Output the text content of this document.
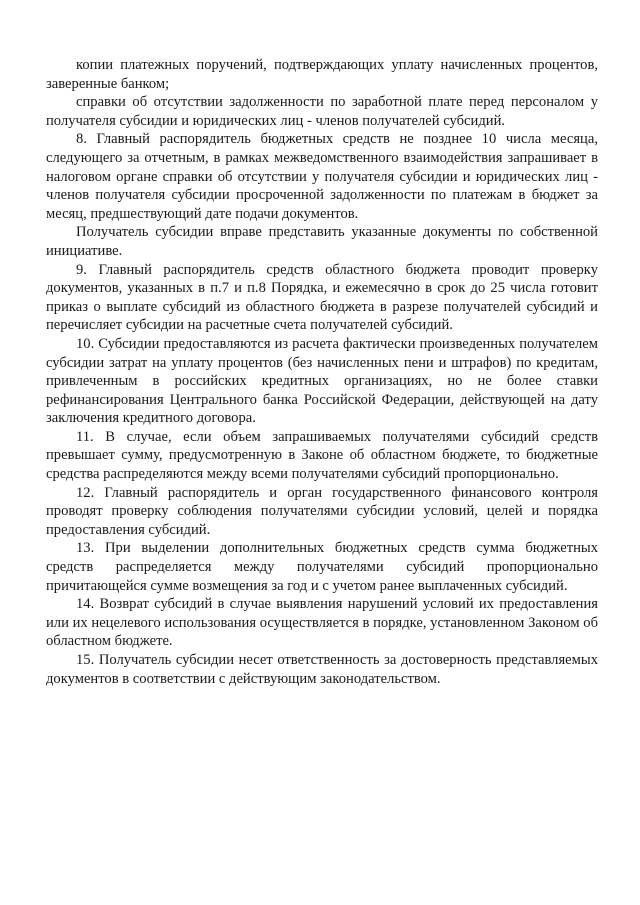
копии платежных поручений, подтверждающих уплату начисленных процентов, заверенные банком;

справки об отсутствии задолженности по заработной плате перед персоналом у получателя субсидии и юридических лиц - членов получателей субсидий.

8. Главный распорядитель бюджетных средств не позднее 10 числа месяца, следующего за отчетным, в рамках межведомственного взаимодействия запрашивает в налоговом органе справки об отсутствии у получателя субсидии и юридических лиц - членов получателя субсидии просроченной задолженности по платежам в бюджет за месяц, предшествующий дате подачи документов.

Получатель субсидии вправе представить указанные документы по собственной инициативе.

9. Главный распорядитель средств областного бюджета проводит проверку документов, указанных в п.7 и п.8 Порядка, и ежемесячно в срок до 25 числа готовит приказ о выплате субсидий из областного бюджета в разрезе получателей субсидий и перечисляет субсидии на расчетные счета получателей субсидий.

10. Субсидии предоставляются из расчета фактически произведенных получателем субсидии затрат на уплату процентов (без начисленных пени и штрафов) по кредитам, привлеченным в российских кредитных организациях, но не более ставки рефинансирования Центрального банка Российской Федерации, действующей на дату заключения кредитного договора.

11. В случае, если объем запрашиваемых получателями субсидий средств превышает сумму, предусмотренную в Законе об областном бюджете, то бюджетные средства распределяются между всеми получателями субсидий пропорционально.

12. Главный распорядитель и орган государственного финансового контроля проводят проверку соблюдения получателями субсидии условий, целей и порядка предоставления субсидий.

13. При выделении дополнительных бюджетных средств сумма бюджетных средств распределяется между получателями субсидий пропорционально причитающейся сумме возмещения за год и с учетом ранее выплаченных субсидий.

14. Возврат субсидий в случае выявления нарушений условий их предоставления или их нецелевого использования осуществляется в порядке, установленном Законом об областном бюджете.

15. Получатель субсидии несет ответственность за достоверность представляемых документов в соответствии с действующим законодательством.
